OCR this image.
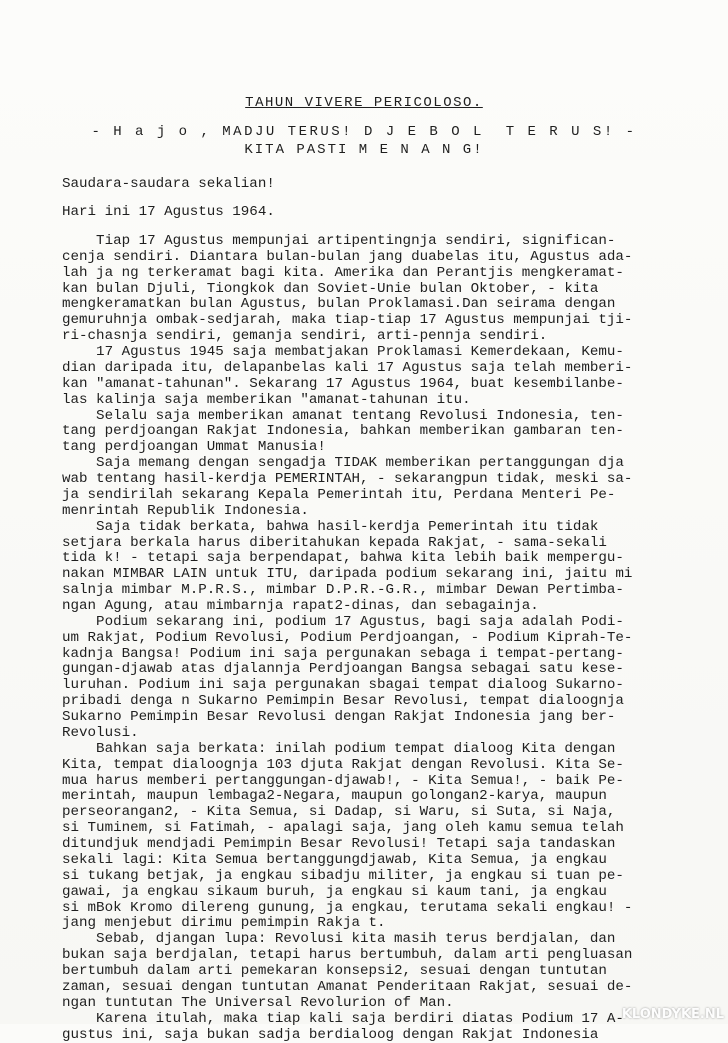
TAHUN VIVERE PERICOLOSO.

- H a j o , MADJU TERUS! D J E B O L  T E R U S! -

KITA PASTI M E N A N G!

Saudara-saudara sekalian!

Hari ini 17 Agustus 1964.

Tiap 17 Agustus mempunjai artipentingnja sendiri, significan-

cenja sendiri. Diantara bulan-bulan jang duabelas itu, Agustus ada-

lah ja ng terkeramat bagi kita. Amerika dan Perantjis mengkeramat-

kan bulan Djuli, Tiongkok dan Soviet-Unie bulan Oktober, - kita

mengkeramatkan bulan Agustus, bulan Proklamasi.Dan seirama dengan

gemuruhnja ombak-sedjarah, maka tiap-tiap 17 Agustus mempunjai tji-

ri-chasnja sendiri, gemanja sendiri, arti-pennja sendiri.

17 Agustus 1945 saja membatjakan Proklamasi Kemerdekaan, Kemu-

dian daripada itu, delapanbelas kali 17 Agustus saja telah memberi-

kan "amanat-tahunan". Sekarang 17 Agustus 1964, buat kesembilanbe-

las kalinja saja memberikan "amanat-tahunan itu.

Selalu saja memberikan amanat tentang Revolusi Indonesia, ten-

tang perdjoangan Rakjat Indonesia, bahkan memberikan gambaran ten-

tang perdjoangan Ummat Manusia!

Saja memang dengan sengadja TIDAK memberikan pertanggungan dja

wab tentang hasil-kerdja PEMERINTAH, - sekarangpun tidak, meski sa-

ja sendirilah sekarang Kepala Pemerintah itu, Perdana Menteri Pe-

menrintah Republik Indonesia.

Saja tidak berkata, bahwa hasil-kerdja Pemerintah itu tidak

setjara berkala harus diberitahukan kepada Rakjat, - sama-sekali

tida k! - tetapi saja berpendapat, bahwa kita lebih baik mempergu-

nakan MIMBAR LAIN untuk ITU, daripada podium sekarang ini, jaitu mi

salnja mimbar M.P.R.S., mimbar D.P.R.-G.R., mimbar Dewan Pertimba-

ngan Agung, atau mimbarnja rapat2-dinas, dan sebagainja.

Podium sekarang ini, podium 17 Agustus, bagi saja adalah Podi-

um Rakjat, Podium Revolusi, Podium Perdjoangan, - Podium Kiprah-Te-

kadnja Bangsa! Podium ini saja pergunakan sebaga i tempat-pertang-

gungan-djawab atas djalannja Perdjoangan Bangsa sebagai satu kese-

luruhan. Podium ini saja pergunakan sbagai tempat dialoog Sukarno-

pribadi denga n Sukarno Pemimpin Besar Revolusi, tempat dialoognja

Sukarno Pemimpin Besar Revolusi dengan Rakjat Indonesia jang ber-

Revolusi.

Bahkan saja berkata: inilah podium tempat dialoog Kita dengan

Kita, tempat dialoognja 103 djuta Rakjat dengan Revolusi. Kita Se-

mua harus memberi pertanggungan-djawab!, - Kita Semua!, - baik Pe-

merintah, maupun lembaga2-Negara, maupun golongan2-karya, maupun

perseorangan2, - Kita Semua, si Dadap, si Waru, si Suta, si Naja,

si Tuminem, si Fatimah, - apalagi saja, jang oleh kamu semua telah

ditundjuk mendjadi Pemimpin Besar Revolusi! Tetapi saja tandaskan

sekali lagi: Kita Semua bertanggungdjawab, Kita Semua, ja engkau

si tukang betjak, ja engkau sibadju militer, ja engkau si tuan pe-

gawai, ja engkau sikaum buruh, ja engkau si kaum tani, ja engkau

si mBok Kromo dilereng gunung, ja engkau, terutama sekali engkau! -

jang menjebut dirimu pemimpin Rakja t.

Sebab, djangan lupa: Revolusi kita masih terus berdjalan, dan

bukan saja berdjalan, tetapi harus bertumbuh, dalam arti pengluasan

bertumbuh dalam arti pemekaran konsepsi2, sesuai dengan tuntutan

zaman, sesuai dengan tuntutan Amanat Penderitaan Rakjat, sesuai de-

ngan tuntutan The Universal Revolurion of Man.

Karena itulah, maka tiap kali saja berdiri diatas Podium 17 A-

gustus ini, saja bukan sadja berdialoog dengan Rakjat Indonesia

KLONDYKE.NL
